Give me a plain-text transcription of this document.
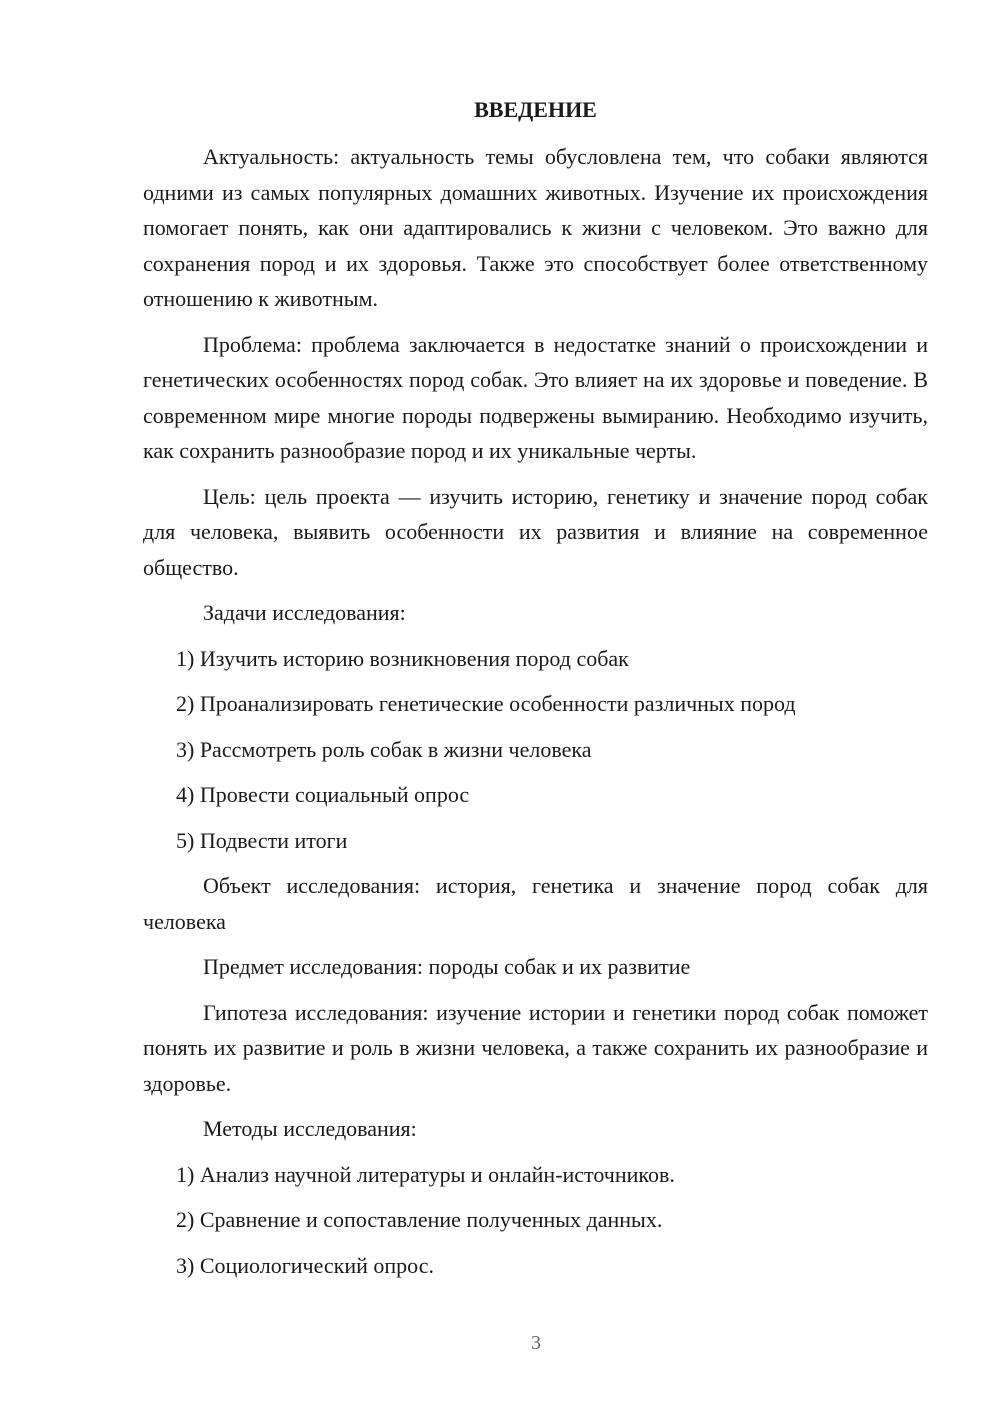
ВВЕДЕНИЕ
Актуальность: актуальность темы обусловлена тем, что собаки являются одними из самых популярных домашних животных. Изучение их происхождения помогает понять, как они адаптировались к жизни с человеком. Это важно для сохранения пород и их здоровья. Также это способствует более ответственному отношению к животным.
Проблема: проблема заключается в недостатке знаний о происхождении и генетических особенностях пород собак. Это влияет на их здоровье и поведение. В современном мире многие породы подвержены вымиранию. Необходимо изучить, как сохранить разнообразие пород и их уникальные черты.
Цель: цель проекта — изучить историю, генетику и значение пород собак для человека, выявить особенности их развития и влияние на современное общество.
Задачи исследования:
1) Изучить историю возникновения пород собак
2) Проанализировать генетические особенности различных пород
3) Рассмотреть роль собак в жизни человека
4) Провести социальный опрос
5) Подвести итоги
Объект исследования: история, генетика и значение пород собак для человека
Предмет исследования: породы собак и их развитие
Гипотеза исследования: изучение истории и генетики пород собак поможет понять их развитие и роль в жизни человека, а также сохранить их разнообразие и здоровье.
Методы исследования:
1) Анализ научной литературы и онлайн-источников.
2) Сравнение и сопоставление полученных данных.
3) Социологический опрос.
3
